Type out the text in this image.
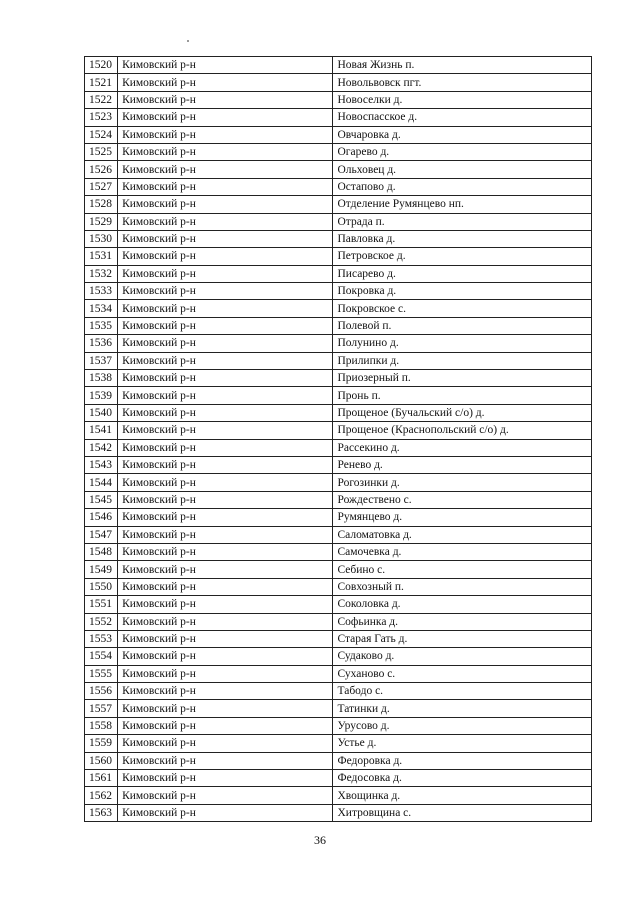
1520	Кимовский р-н	Новая Жизнь п.
1521	Кимовский р-н	Новольвовск пгт.
1522	Кимовский р-н	Новоселки д.
1523	Кимовский р-н	Новоспасское д.
1524	Кимовский р-н	Овчаровка д.
1525	Кимовский р-н	Огарево д.
1526	Кимовский р-н	Ольховец д.
1527	Кимовский р-н	Остапово д.
1528	Кимовский р-н	Отделение Румянцево нп.
1529	Кимовский р-н	Отрада п.
1530	Кимовский р-н	Павловка д.
1531	Кимовский р-н	Петровское д.
1532	Кимовский р-н	Писарево д.
1533	Кимовский р-н	Покровка д.
1534	Кимовский р-н	Покровское с.
1535	Кимовский р-н	Полевой п.
1536	Кимовский р-н	Полунино д.
1537	Кимовский р-н	Прилипки д.
1538	Кимовский р-н	Приозерный п.
1539	Кимовский р-н	Пронь п.
1540	Кимовский р-н	Прощеное (Бучальский с/о) д.
1541	Кимовский р-н	Прощеное (Краснопольский с/о) д.
1542	Кимовский р-н	Рассекино д.
1543	Кимовский р-н	Ренево д.
1544	Кимовский р-н	Рогозинки д.
1545	Кимовский р-н	Рождествено с.
1546	Кимовский р-н	Румянцево д.
1547	Кимовский р-н	Саломатовка д.
1548	Кимовский р-н	Самочевка д.
1549	Кимовский р-н	Себино с.
1550	Кимовский р-н	Совхозный п.
1551	Кимовский р-н	Соколовка д.
1552	Кимовский р-н	Софьинка д.
1553	Кимовский р-н	Старая Гать д.
1554	Кимовский р-н	Судаково д.
1555	Кимовский р-н	Суханово с.
1556	Кимовский р-н	Табодо с.
1557	Кимовский р-н	Татинки д.
1558	Кимовский р-н	Урусово д.
1559	Кимовский р-н	Устье д.
1560	Кимовский р-н	Федоровка д.
1561	Кимовский р-н	Федосовка д.
1562	Кимовский р-н	Хвощинка д.
1563	Кимовский р-н	Хитровщина с.
36
